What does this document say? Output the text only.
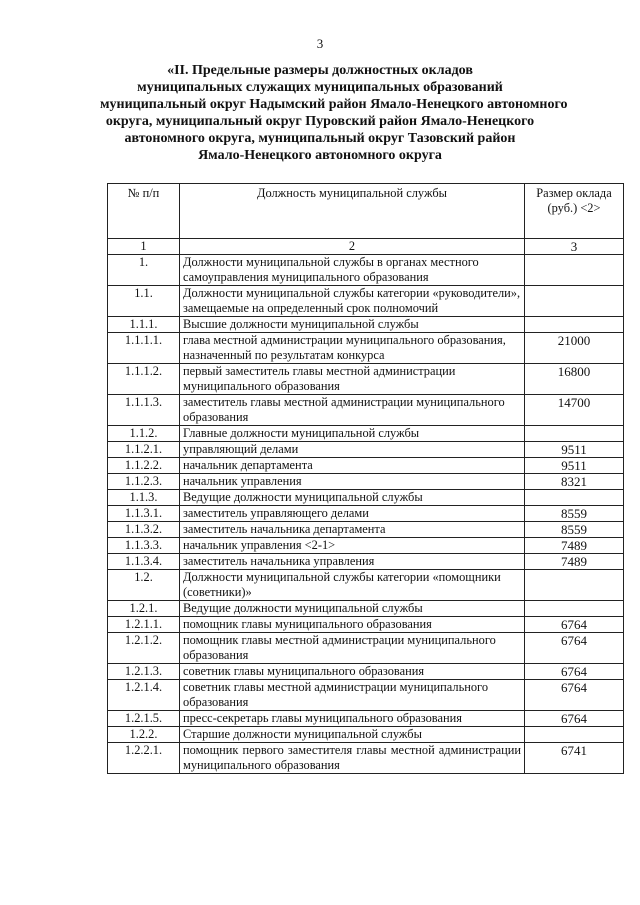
3
«II. Предельные размеры должностных окладов
муниципальных служащих муниципальных образований
муниципальный округ Надымский район Ямало-Ненецкого автономного
округа, муниципальный округ Пуровский район Ямало-Ненецкого
автономного округа, муниципальный округ Тазовский район
Ямало-Ненецкого автономного округа
№ п/п	Должность муниципальной службы	Размер оклада (руб.) <2>
1	2	3
1.	Должности муниципальной службы в органах местного самоуправления муниципального образования	
1.1.	Должности муниципальной службы категории «руководители», замещаемые на определенный срок полномочий	
1.1.1.	Высшие должности муниципальной службы	
1.1.1.1.	глава местной администрации муниципального образования, назначенный по результатам конкурса	21000
1.1.1.2.	первый заместитель главы местной администрации муниципального образования	16800
1.1.1.3.	заместитель главы местной администрации муниципального образования	14700
1.1.2.	Главные должности муниципальной службы	
1.1.2.1.	управляющий делами	9511
1.1.2.2.	начальник департамента	9511
1.1.2.3.	начальник управления	8321
1.1.3.	Ведущие должности муниципальной службы	
1.1.3.1.	заместитель управляющего делами	8559
1.1.3.2.	заместитель начальника департамента	8559
1.1.3.3.	начальник управления <2-1>	7489
1.1.3.4.	заместитель начальника управления	7489
1.2.	Должности муниципальной службы категории «помощники (советники)»	
1.2.1.	Ведущие должности муниципальной службы	
1.2.1.1.	помощник главы муниципального образования	6764
1.2.1.2.	помощник главы местной администрации муниципального образования	6764
1.2.1.3.	советник главы муниципального образования	6764
1.2.1.4.	советник главы местной администрации муниципального образования	6764
1.2.1.5.	пресс-секретарь главы муниципального образования	6764
1.2.2.	Старшие должности муниципальной службы	
1.2.2.1.	помощник первого заместителя главы местной администрации муниципального образования	6741
